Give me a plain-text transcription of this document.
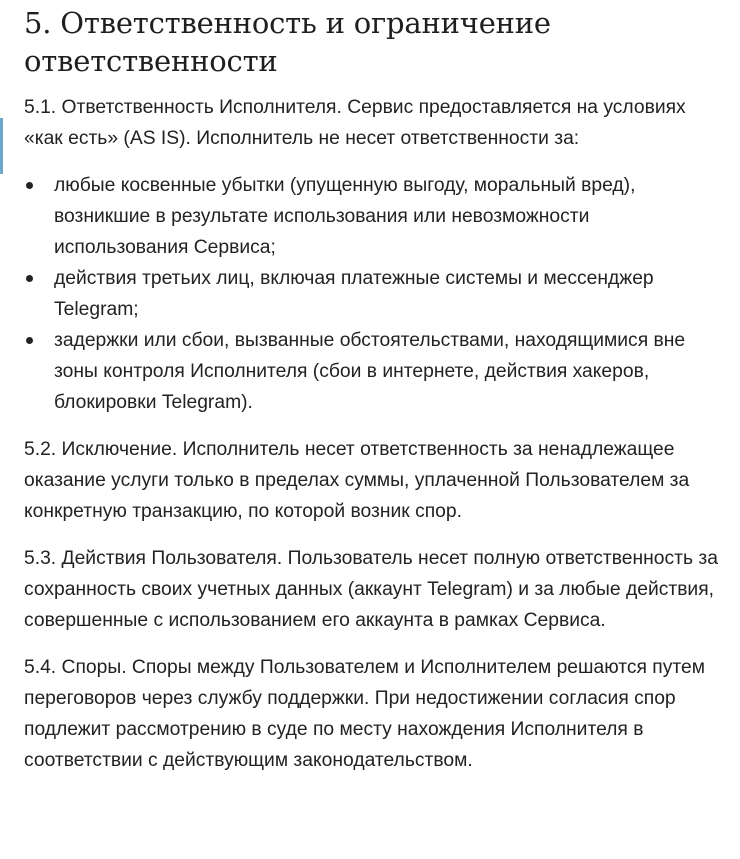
5. Ответственность и ограничение ответственности

5.1. Ответственность Исполнителя. Сервис предоставляется на условиях «как есть» (AS IS). Исполнитель не несет ответственности за:

любые косвенные убытки (упущенную выгоду, моральный вред), возникшие в результате использования или невозможности использования Сервиса;
действия третьих лиц, включая платежные системы и мессенджер Telegram;
задержки или сбои, вызванные обстоятельствами, находящимися вне зоны контроля Исполнителя (сбои в интернете, действия хакеров, блокировки Telegram).

5.2. Исключение. Исполнитель несет ответственность за ненадлежащее оказание услуги только в пределах суммы, уплаченной Пользователем за конкретную транзакцию, по которой возник спор.

5.3. Действия Пользователя. Пользователь несет полную ответственность за сохранность своих учетных данных (аккаунт Telegram) и за любые действия, совершенные с использованием его аккаунта в рамках Сервиса.

5.4. Споры. Споры между Пользователем и Исполнителем решаются путем переговоров через службу поддержки. При недостижении согласия спор подлежит рассмотрению в суде по месту нахождения Исполнителя в соответствии с действующим законодательством.
